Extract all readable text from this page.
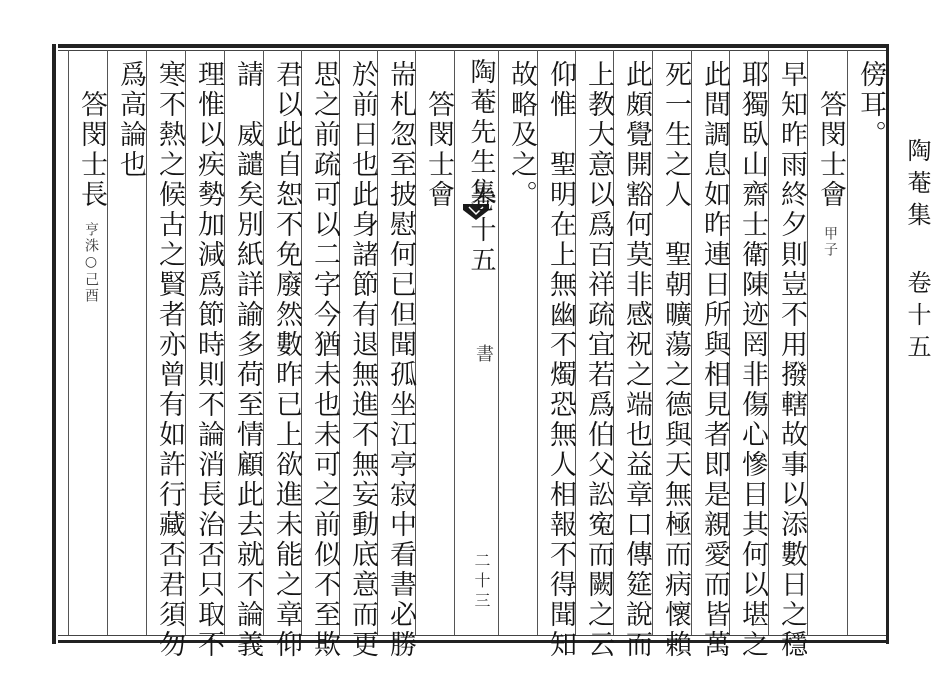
陶菴集 卷十五
陶菴先生集
卷十五
書
二十三
傍耳。
　答閔士會甲子
早知昨雨終夕則豈不用撥轄故事以添數日之穩
耶獨臥山齋士衛陳迹罔非傷心慘目其何以堪之
此間調息如昨連日所與相見者即是親愛而皆萬
死一生之人　聖朝曠蕩之德與天無極而病懷賴
此頗覺開豁何莫非感祝之端也益章口傳筵說而
上教大意以爲百祥疏宜若爲伯父訟寃而闕之云
仰惟　聖明在上無幽不燭恐無人相報不得聞知
故略及之。
　答閔士會
耑札忽至披慰何已但聞孤坐江亭寂中看書必勝
於前日也此身諸節有退無進不無妄動底意而更
思之前疏可以二字今猶未也未可之前似不至欺
君以此自恕不免廢然數昨已上欲進未能之章仰
請　威譴矣別紙詳諭多荷至情顧此去就不論義
理惟以疾勢加減爲節時則不論消長治否只取不
寒不熱之候古之賢者亦曾有如許行藏否君須勿
爲高論也
　答閔士長亨洙○己酉
